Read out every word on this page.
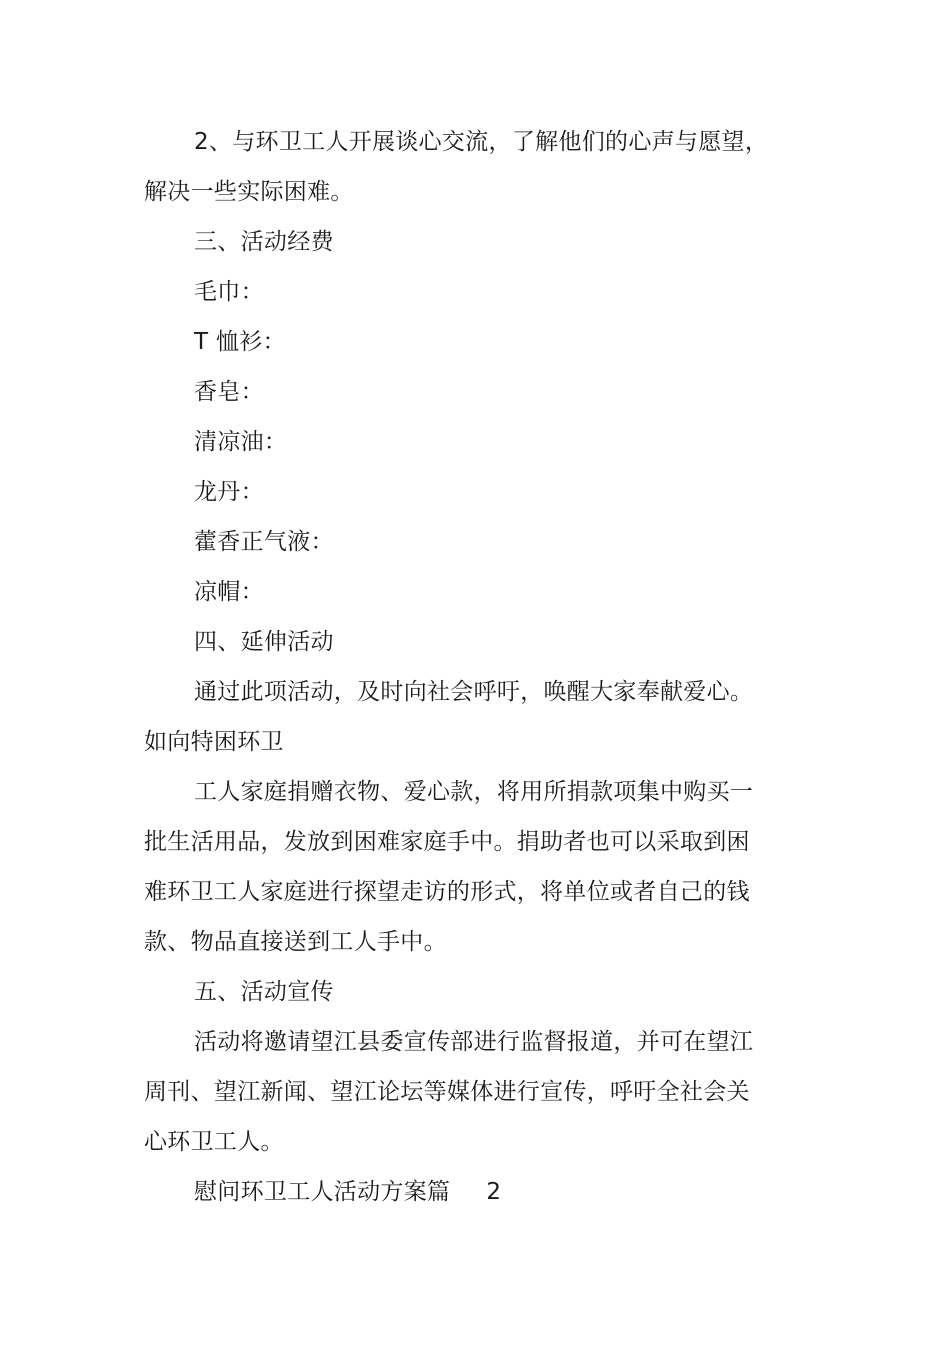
2、与环卫工人开展谈心交流，了解他们的心声与愿望，
解决一些实际困难。

三、活动经费

毛巾：

T 恤衫：

香皂：

清凉油：

龙丹：

藿香正气液：

凉帽：

四、延伸活动

通过此项活动，及时向社会呼吁，唤醒大家奉献爱心。
如向特困环卫
工人家庭捐赠衣物、爱心款，将用所捐款项集中购买一
批生活用品，发放到困难家庭手中。捐助者也可以采取到困
难环卫工人家庭进行探望走访的形式，将单位或者自己的钱
款、物品直接送到工人手中。

五、活动宣传

活动将邀请望江县委宣传部进行监督报道，并可在望江
周刊、望江新闻、望江论坛等媒体进行宣传，呼吁全社会关
心环卫工人。

慰问环卫工人活动方案篇 2
